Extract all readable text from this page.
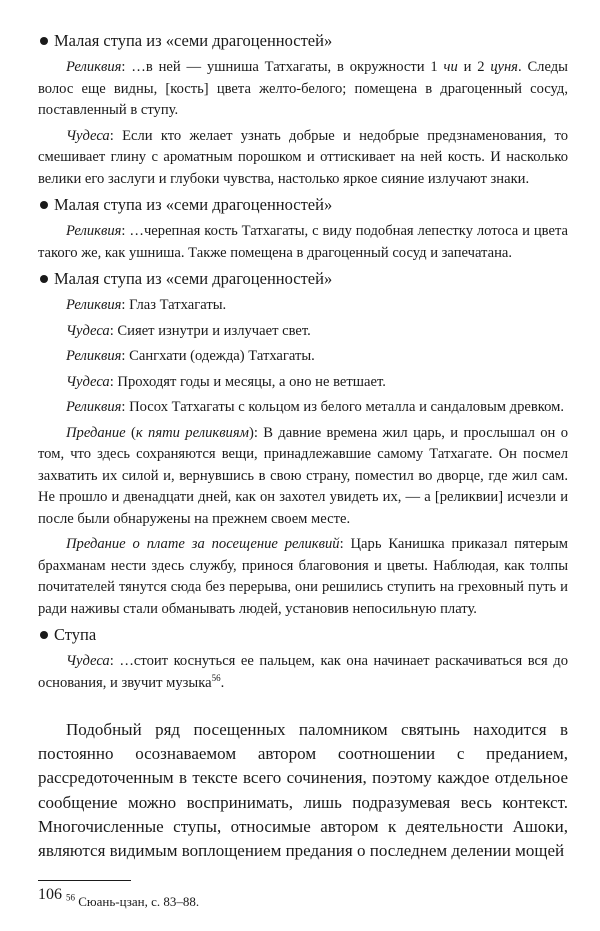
Малая ступа из «семи драгоценностей»

Реликвия: …в ней — ушниша Татхагаты, в окружности 1 чи и 2 цуня. Следы волос еще видны, [кость] цвета желто-белого; помещена в драгоценный сосуд, поставленный в ступу.

Чудеса: Если кто желает узнать добрые и недобрые предзнаменования, то смешивает глину с ароматным порошком и оттискивает на ней кость. И насколько велики его заслуги и глубоки чувства, настолько яркое сияние излучают знаки.

Малая ступа из «семи драгоценностей»

Реликвия: …черепная кость Татхагаты, с виду подобная лепестку лотоса и цвета такого же, как ушниша. Также помещена в драгоценный сосуд и запечатана.

Малая ступа из «семи драгоценностей»

Реликвия: Глаз Татхагаты.

Чудеса: Сияет изнутри и излучает свет.

Реликвия: Сангхати (одежда) Татхагаты.

Чудеса: Проходят годы и месяцы, а оно не ветшает.

Реликвия: Посох Татхагаты с кольцом из белого металла и сандаловым древком.

Предание (к пяти реликвиям): В давние времена жил царь, и прослышал он о том, что здесь сохраняются вещи, принадлежавшие самому Татхагате. Он посмел захватить их силой и, вернувшись в свою страну, поместил во дворце, где жил сам. Не прошло и двенадцати дней, как он захотел увидеть их, — а [реликвии] исчезли и после были обнаружены на прежнем своем месте.

Предание о плате за посещение реликвий: Царь Канишка приказал пятерым брахманам нести здесь службу, принося благовония и цветы. Наблюдая, как толпы почитателей тянутся сюда без перерыва, они решились ступить на греховный путь и ради наживы стали обманывать людей, установив непосильную плату.

Ступа

Чудеса: …стоит коснуться ее пальцем, как она начинает раскачиваться вся до основания, и звучит музыка$^{56}$.

Подобный ряд посещенных паломником святынь находится в постоянно осознаваемом автором соотношении с преданием, рассредоточенным в тексте всего сочинения, поэтому каждое отдельное сообщение можно воспринимать, лишь подразумевая весь контекст. Многочисленные ступы, относимые автором к деятельности Ашоки, являются видимым воплощением предания о последнем делении мощей

$^{56}$ Сюань-цзан, с. 83–88.

106
